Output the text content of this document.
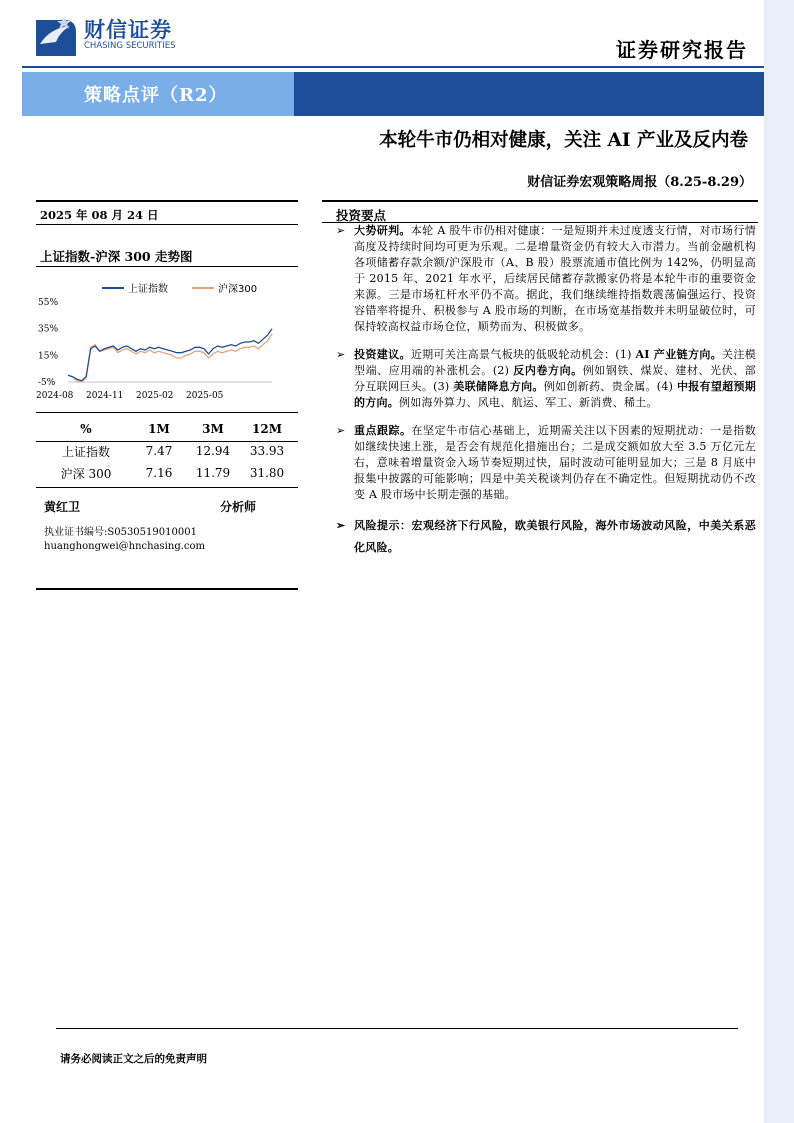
财信证券
CHASING SECURITIES	证券研究报告
策略点评（R2）
本轮牛市仍相对健康，关注 AI 产业及反内卷
财信证券宏观策略周报（8.25-8.29）
2025 年 08 月 24 日
上证指数-沪深 300 走势图
55%
35%
15%
-5%
2024-08 2024-11 2025-02 2025-05
上证指数	沪深300
%	1M	3M	12M
上证指数	7.47	12.94	33.93
沪深 300	7.16	11.79	31.80
黄红卫	分析师
执业证书编号:S0530519010001
huanghongwei@hnchasing.com
投资要点
➢ 大势研判。本轮 A 股牛市仍相对健康：一是短期并未过度透支行情，对市场行情高度及持续时间均可更为乐观。二是增量资金仍有较大入市潜力。当前金融机构各项储蓄存款余额/沪深股市（A、B 股）股票流通市值比例为 142%，仍明显高于 2015 年、2021 年水平，后续居民储蓄存款搬家仍将是本轮牛市的重要资金来源。三是市场杠杆水平仍不高。据此，我们继续维持指数震荡偏强运行、投资容错率将提升、积极参与 A 股市场的判断，在市场宽基指数并未明显破位时，可保持较高权益市场仓位，顺势而为、积极做多。
➢ 投资建议。近期可关注高景气板块的低吸轮动机会：(1) AI 产业链方向。关注模型端、应用端的补涨机会。(2) 反内卷方向。例如钢铁、煤炭、建材、光伏、部分互联网巨头。(3) 美联储降息方向。例如创新药、贵金属。(4) 中报有望超预期的方向。例如海外算力、风电、航运、军工、新消费、稀土。
➢ 重点跟踪。在坚定牛市信心基础上，近期需关注以下因素的短期扰动：一是指数如继续快速上涨，是否会有规范化措施出台；二是成交额如放大至 3.5 万亿元左右，意味着增量资金入场节奏短期过快，届时波动可能明显加大；三是 8 月底中报集中披露的可能影响；四是中美关税谈判仍存在不确定性。但短期扰动仍不改变 A 股市场中长期走强的基础。
➢ 风险提示：宏观经济下行风险，欧美银行风险，海外市场波动风险，中美关系恶化风险。
请务必阅读正文之后的免责声明
